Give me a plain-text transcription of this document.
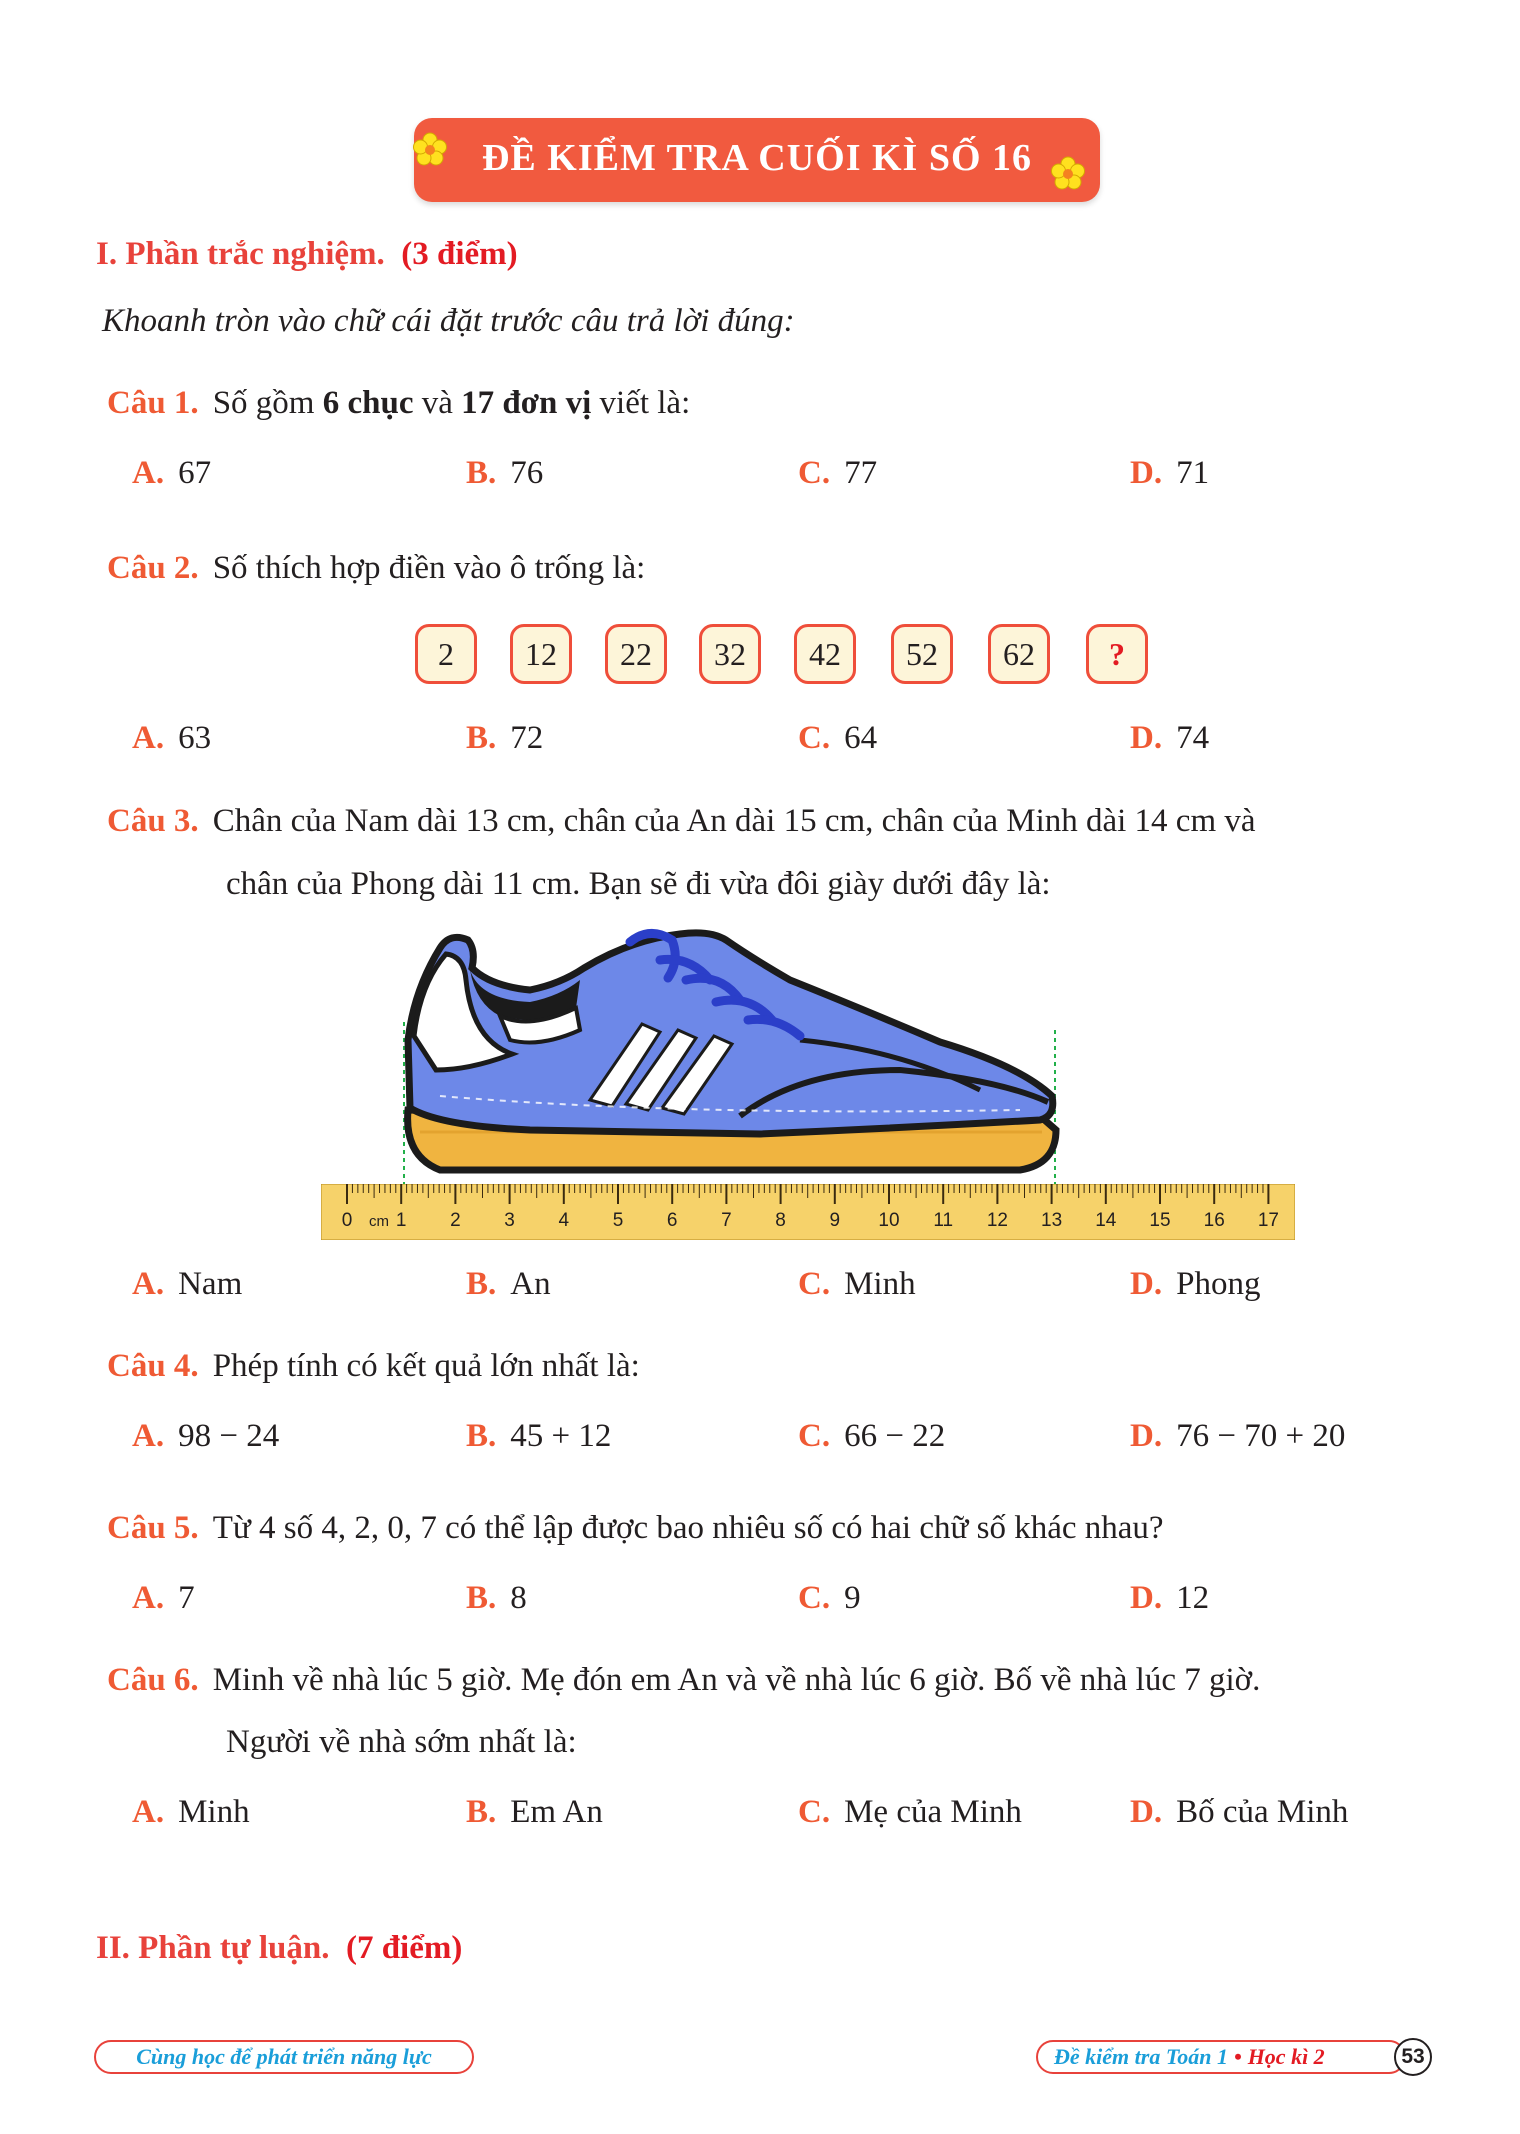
ĐỀ KIỂM TRA CUỐI KÌ SỐ 16
I. Phần trắc nghiệm. (3 điểm)
Khoanh tròn vào chữ cái đặt trước câu trả lời đúng:
Câu 1. Số gồm 6 chục và 17 đơn vị viết là:
A. 67	B. 76	C. 77	D. 71
Câu 2. Số thích hợp điền vào ô trống là:
2	12	22	32	42	52	62	?
A. 63	B. 72	C. 64	D. 74
Câu 3. Chân của Nam dài 13 cm, chân của An dài 15 cm, chân của Minh dài 14 cm và
chân của Phong dài 11 cm. Bạn sẽ đi vừa đôi giày dưới đây là:
0 1 2 3 4 5 6 7 8 9 10 11 12 13 14 15 16 17
cm
A. Nam	B. An	C. Minh	D. Phong
Câu 4. Phép tính có kết quả lớn nhất là:
A. 98 − 24	B. 45 + 12	C. 66 − 22	D. 76 − 70 + 20
Câu 5. Từ 4 số 4, 2, 0, 7 có thể lập được bao nhiêu số có hai chữ số khác nhau?
A. 7	B. 8	C. 9	D. 12
Câu 6. Minh về nhà lúc 5 giờ. Mẹ đón em An và về nhà lúc 6 giờ. Bố về nhà lúc 7 giờ.
Người về nhà sớm nhất là:
A. Minh	B. Em An	C. Mẹ của Minh	D. Bố của Minh
II. Phần tự luận. (7 điểm)
Cùng học để phát triển năng lực	Đề kiểm tra Toán 1 • Học kì 2	53
